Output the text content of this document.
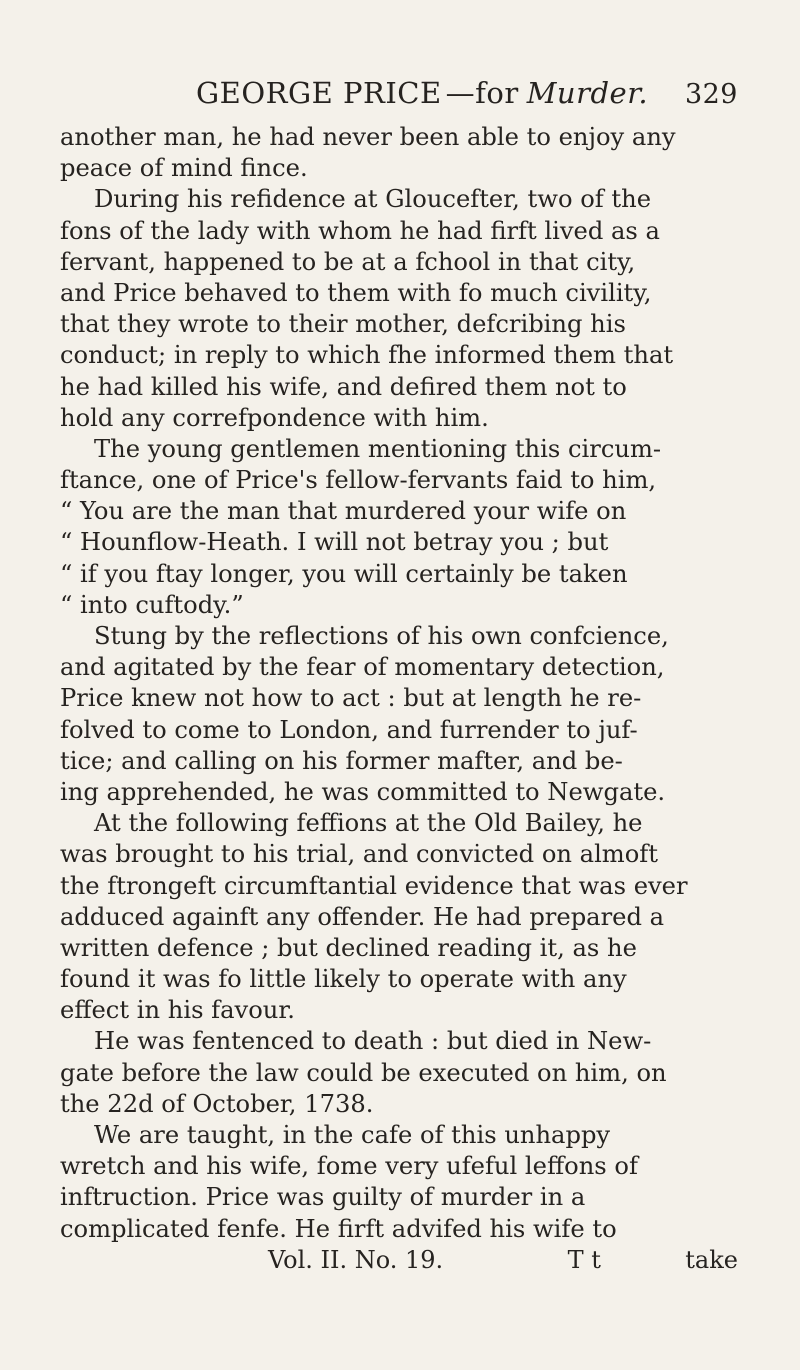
GEORGE PRICE —for Murder. 329
another man, he had never been able to enjoy any
peace of mind fince.
During his refidence at Gloucefter, two of the
fons of the lady with whom he had firft lived as a
fervant, happened to be at a fchool in that city,
and Price behaved to them with fo much civility,
that they wrote to their mother, defcribing his
conduct; in reply to which fhe informed them that
he had killed his wife, and defired them not to
hold any correfpondence with him.
The young gentlemen mentioning this circum-
ftance, one of Price's fellow-fervants faid to him,
“ You are the man that murdered your wife on
“ Hounflow-Heath. I will not betray you ; but
“ if you ftay longer, you will certainly be taken
“ into cuftody.”
Stung by the reflections of his own confcience,
and agitated by the fear of momentary detection,
Price knew not how to act : but at length he re-
folved to come to London, and furrender to juf-
tice; and calling on his former mafter, and be-
ing apprehended, he was committed to Newgate.
At the following feffions at the Old Bailey, he
was brought to his trial, and convicted on almoft
the ftrongeft circumftantial evidence that was ever
adduced againft any offender. He had prepared a
written defence ; but declined reading it, as he
found it was fo little likely to operate with any
effect in his favour.
He was fentenced to death : but died in New-
gate before the law could be executed on him, on
the 22d of October, 1738.
We are taught, in the cafe of this unhappy
wretch and his wife, fome very ufeful leffons of
inftruction. Price was guilty of murder in a
complicated fenfe. He firft advifed his wife to
Vol. II. No. 19.	T t	take
